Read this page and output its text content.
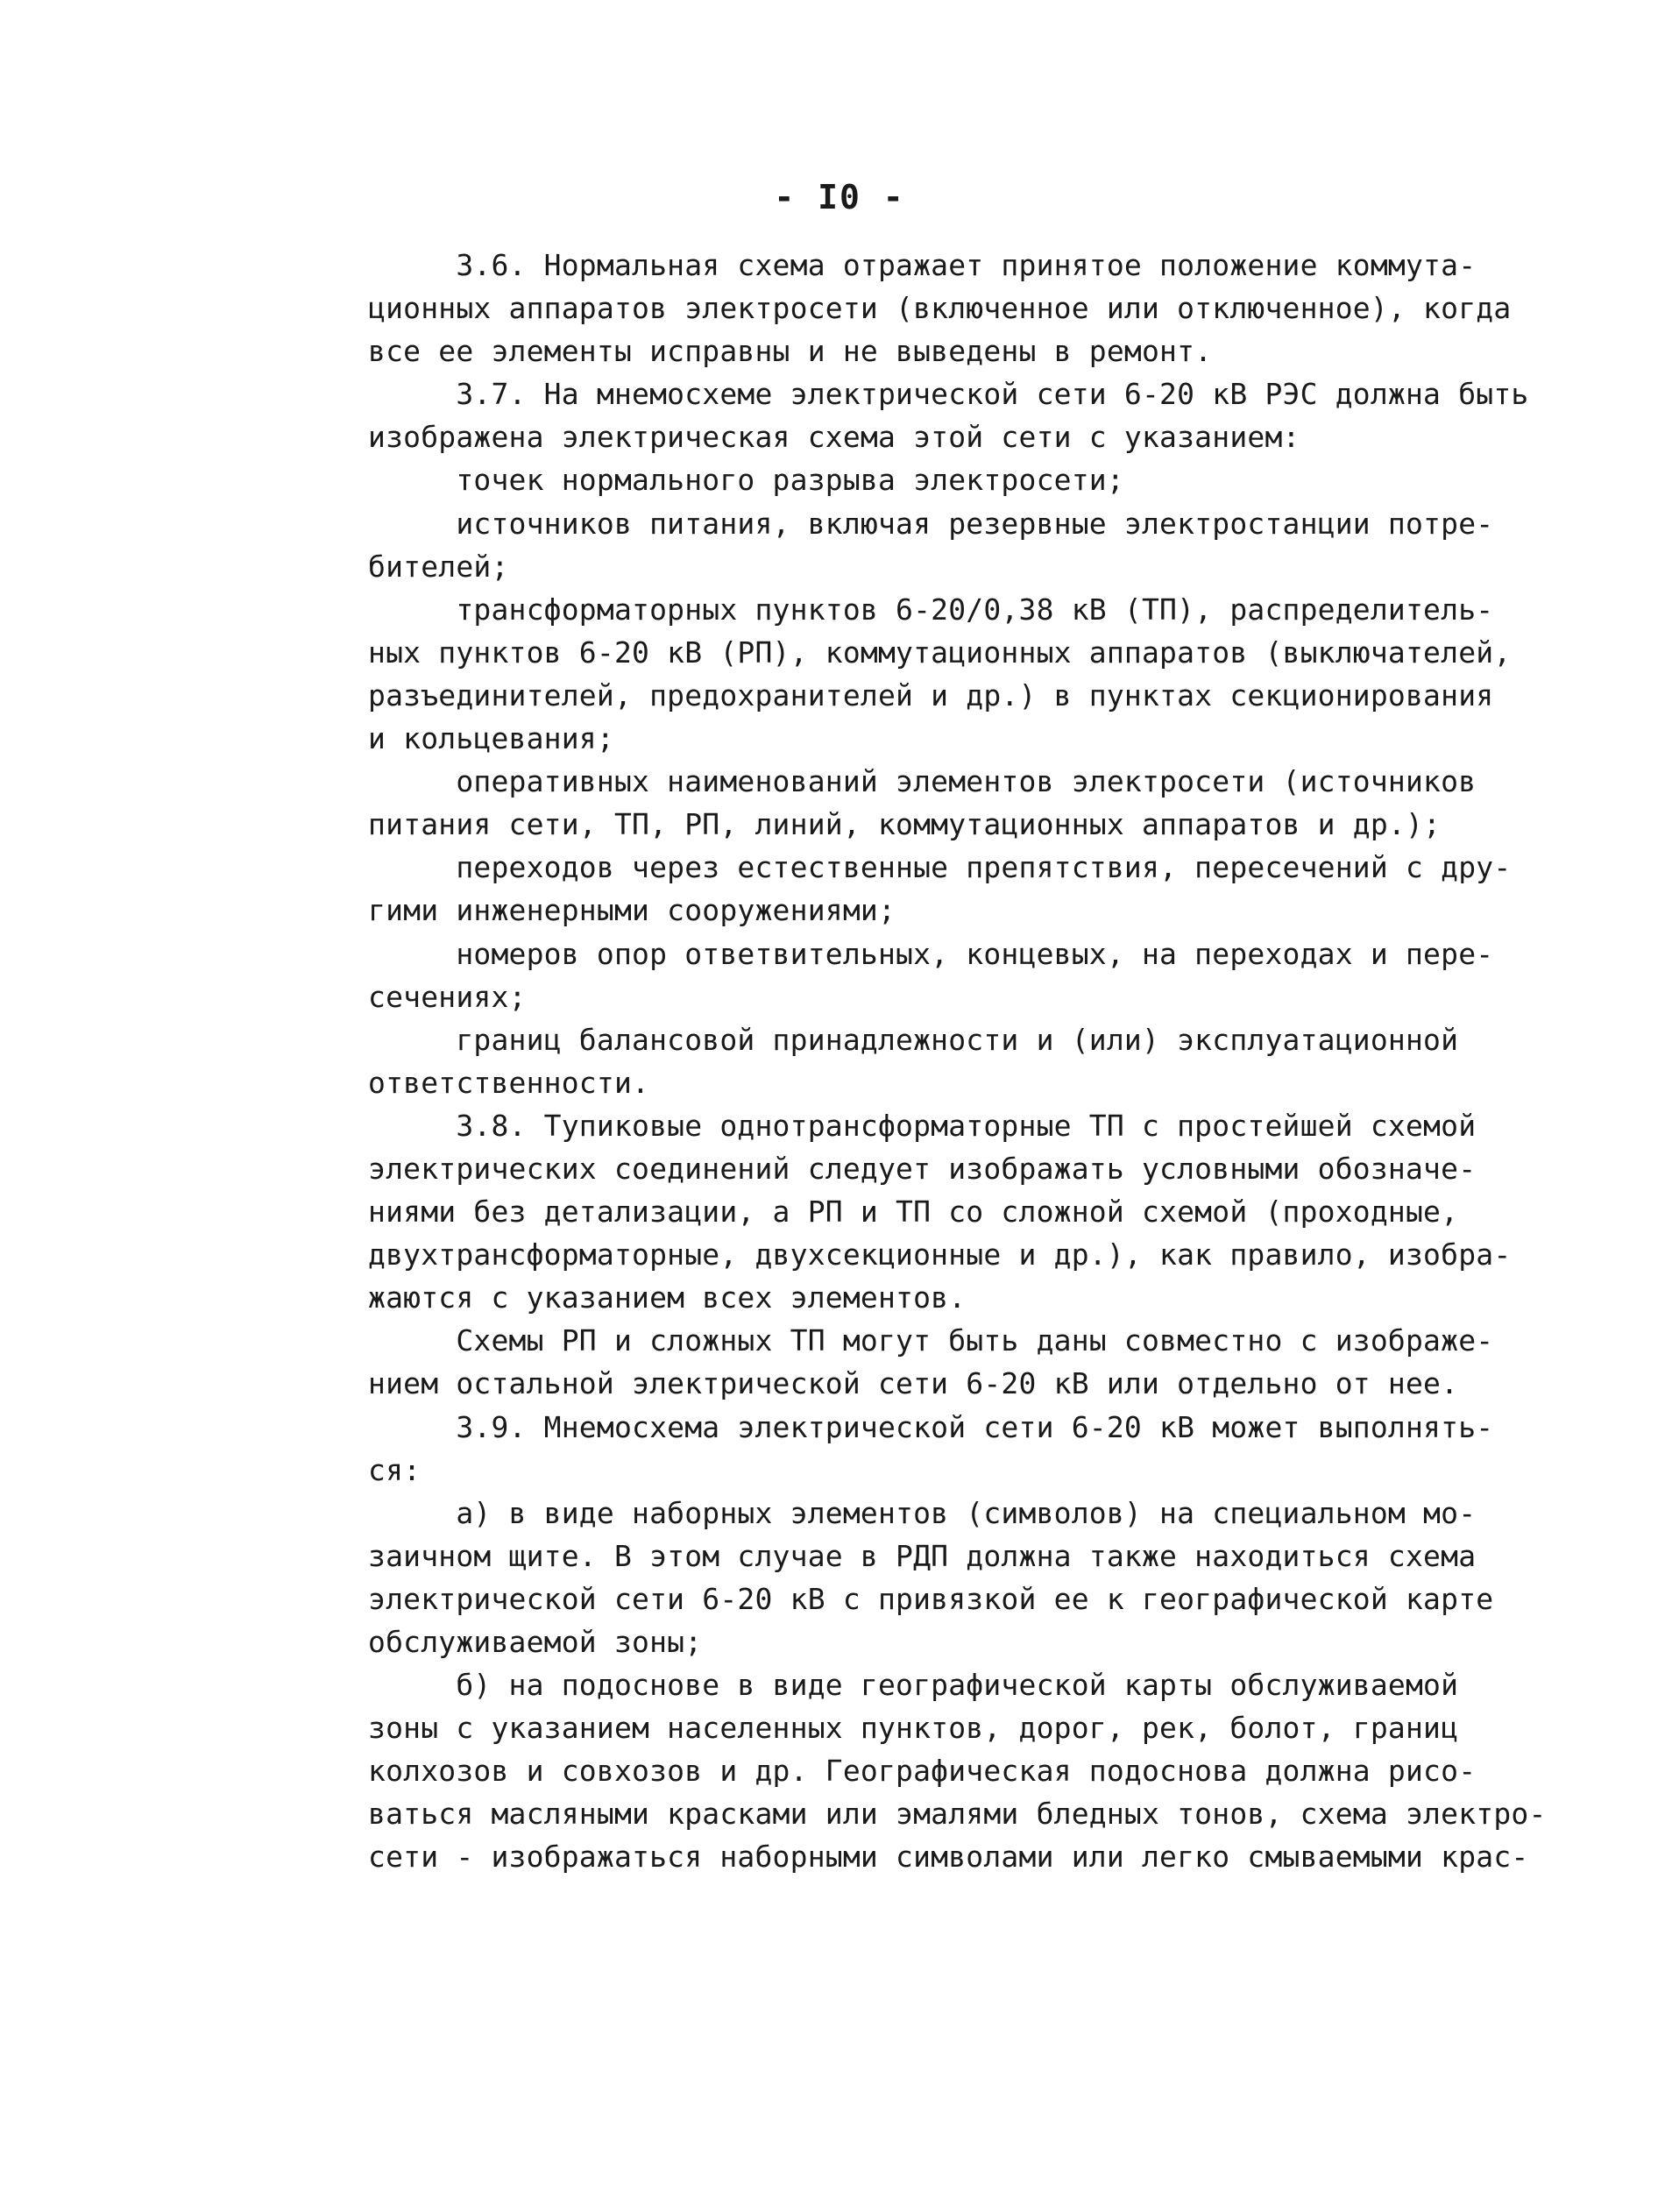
- I0 -
3.6. Нормальная схема отражает принятое положение коммута-
ционных аппаратов электросети (включенное или отключенное), когда
все ее элементы исправны и не выведены в ремонт.
3.7. На мнемосхеме электрической сети 6-20 кВ РЭС должна быть
изображена электрическая схема этой сети с указанием:
точек нормального разрыва электросети;
источников питания, включая резервные электростанции потре-
бителей;
трансформаторных пунктов 6-20/0,38 кВ (ТП), распределитель-
ных пунктов 6-20 кВ (РП), коммутационных аппаратов (выключателей,
разъединителей, предохранителей и др.) в пунктах секционирования
и кольцевания;
оперативных наименований элементов электросети (источников
питания сети, ТП, РП, линий, коммутационных аппаратов и др.);
переходов через естественные препятствия, пересечений с дру-
гими инженерными сооружениями;
номеров опор ответвительных, концевых, на переходах и пере-
сечениях;
границ балансовой принадлежности и (или) эксплуатационной
ответственности.
3.8. Тупиковые однотрансформаторные ТП с простейшей схемой
электрических соединений следует изображать условными обозначе-
ниями без детализации, а РП и ТП со сложной схемой (проходные,
двухтрансформаторные, двухсекционные и др.), как правило, изобра-
жаются с указанием всех элементов.
Схемы РП и сложных ТП могут быть даны совместно с изображе-
нием остальной электрической сети 6-20 кВ или отдельно от нее.
3.9. Мнемосхема электрической сети 6-20 кВ может выполнять-
ся:
а) в виде наборных элементов (символов) на специальном мо-
заичном щите. В этом случае в РДП должна также находиться схема
электрической сети 6-20 кВ с привязкой ее к географической карте
обслуживаемой зоны;
б) на подоснове в виде географической карты обслуживаемой
зоны с указанием населенных пунктов, дорог, рек, болот, границ
колхозов и совхозов и др. Географическая подоснова должна рисо-
ваться масляными красками или эмалями бледных тонов, схема электро-
сети - изображаться наборными символами или легко смываемыми крас-
